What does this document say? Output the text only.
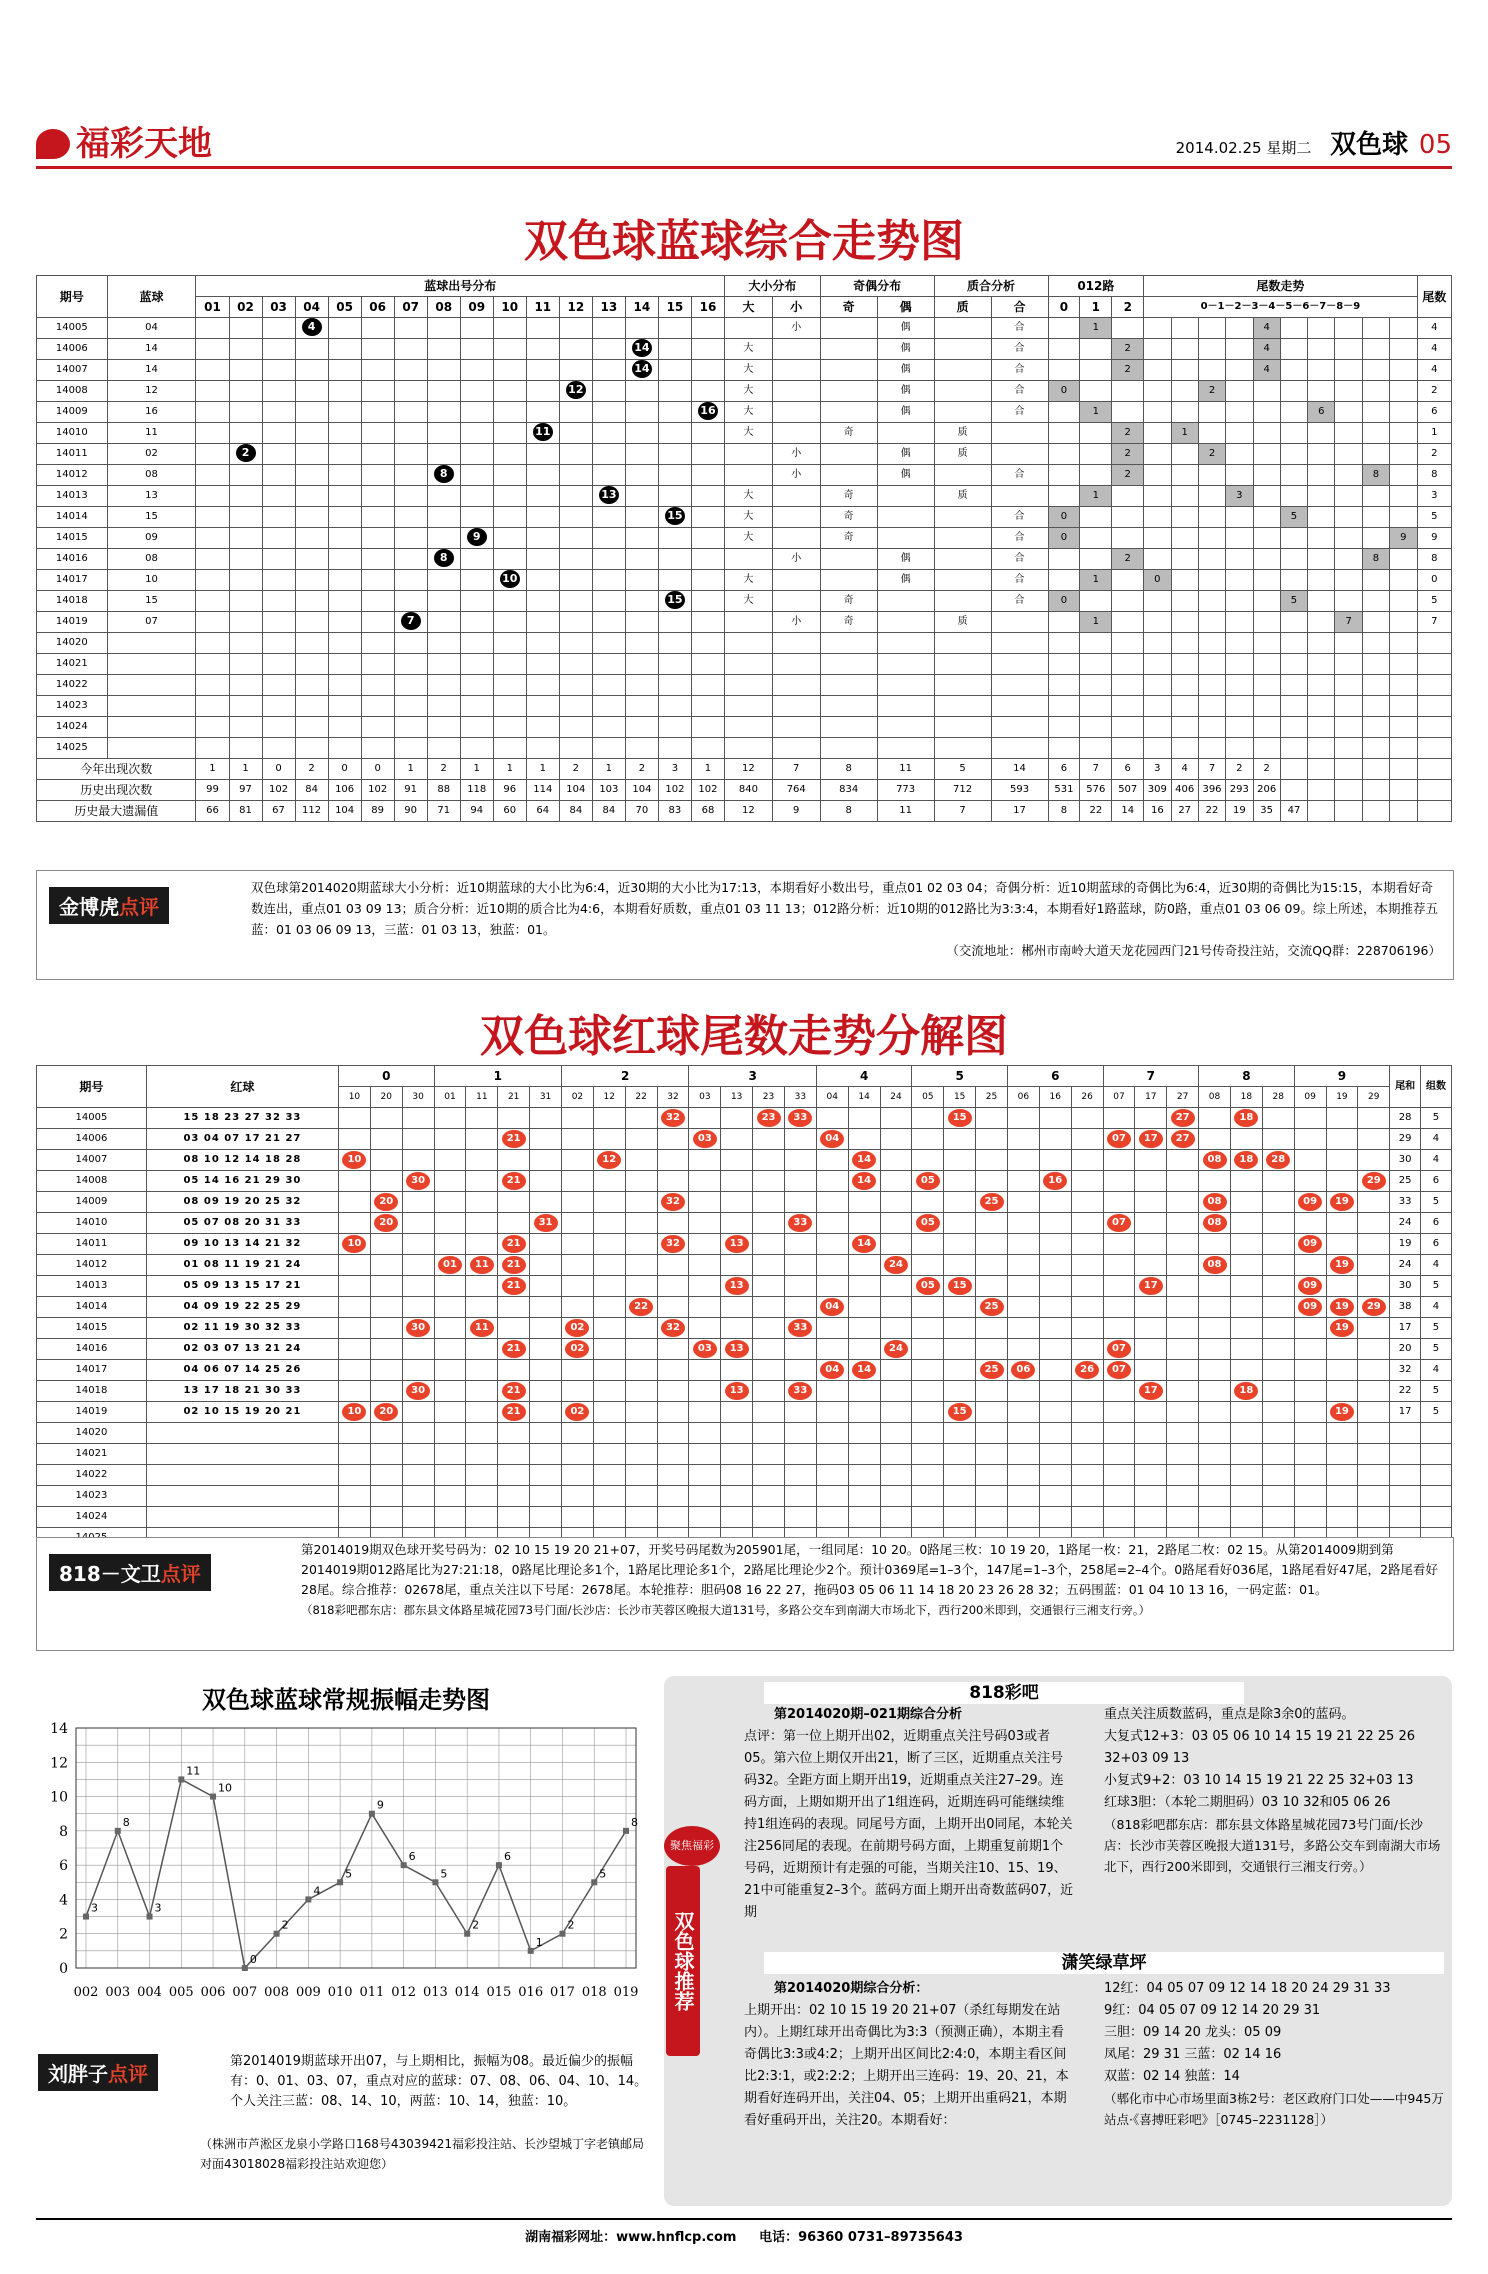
福彩天地	2014.02.25 星期二 双色球 05
双色球蓝球综合走势图
期号	蓝球	蓝球出号分布																大小分布		奇偶分布		质合分析		012路			尾数走势										尾数
		01	02	03	04	05	06	07	08	09	10	11	12	13	14	15	16	大	小	奇	偶	质	合	0	1	2	0－1－2－3－4－5－6－7－8－9										
14005	04				4														小		偶		合		1						4						4
14006	14														14			大			偶		合			2					4						4
14007	14														14			大			偶		合			2					4						4
14008	12												12					大			偶		合	0					2								2
14009	16																16	大			偶		合		1								6				6
14010	11											11						大		奇		质				2		1									1
14011	02		2																小		偶	质				2			2								2
14012	08								8										小		偶		合			2									8		8
14013	13													13				大		奇		质			1					3							3
14014	15															15		大		奇			合	0								5					5
14015	09									9								大		奇			合	0												9	9
14016	08								8										小		偶		合			2									8		8
14017	10										10							大			偶		合		1		0										0
14018	15															15		大		奇			合	0								5					5
14019	07							7											小	奇		质			1									7			7
14020																																					
14021																																					
14022																																					
14023																																					
14024																																					
14025																																					
今年出现次数		1	1	0	2	0	0	1	2	1	1	1	2	1	2	3	1	12	7	8	11	5	14	6	7	6	3	4	7	2	2						
历史出现次数		99	97	102	84	106	102	91	88	118	96	114	104	103	104	102	102	840	764	834	773	712	593	531	576	507	309	406	396	293	206						
历史最大遗漏值		66	81	67	112	104	89	90	71	94	60	64	84	84	70	83	68	12	9	8	11	7	17	8	22	14	16	27	22	19	35	47					
金博虎点评
双色球第2014020期蓝球大小分析：近10期蓝球的大小比为6:4，近30期的大小比为17:13，本期看好小数出号，重点01 02 03 04；奇偶分析：近10期蓝球的奇偶比为6:4，近30期的奇偶比为15:15，本期看好奇数连出，重点01 03 09 13；质合分析：近10期的质合比为4:6，本期看好质数，重点01 03 11 13；012路分析：近10期的012路比为3:3:4，本期看好1路蓝球，防0路，重点01 03 06 09。综上所述，本期推荐五蓝：01 03 06 09 13，三蓝：01 03 13，独蓝：01。
（交流地址：郴州市南岭大道天龙花园西门21号传奇投注站，交流QQ群：228706196）
双色球红球尾数走势分解图
期号	红球	0			1				2				3				4			5			6			7			8			9			尾和	组数
		10	20	30	01	11	21	31	02	12	22	32	03	13	23	33	04	14	24	05	15	25	06	16	26	07	17	27	08	18	28	09	19	29		
14005	15 18 23 27 32 33											32			23	33					15							27		18					28	5
14006	03 04 07 17 21 27						21						03				04									07	17	27							29	4
14007	08 10 12 14 18 28	10								12								14											08	18	28				30	4
14008	05 14 16 21 29 30			30			21											14		05				16										29	25	6
14009	08 09 19 20 25 32		20									32										25							08			09	19		33	5
14010	05 07 08 20 31 33		20					31								33				05						07			08						24	6
14011	09 10 13 14 21 32	10					21					32		13				14														09			19	6
14012	01 08 11 19 21 24				01	11	21												24										08				19		24	4
14013	05 09 13 15 17 21						21							13						05	15						17					09			30	5
14014	04 09 19 22 25 29										22						04					25										09	19	29	38	4
14015	02 11 19 30 32 33			30		11			02			32				33																	19		17	5
14016	02 03 07 13 21 24						21		02				03	13					24							07									20	5
14017	04 06 07 14 25 26																04	14				25	06		26	07									32	4
14018	13 17 18 21 30 33			30			21							13		33											17			18					22	5
14019	02 10 15 19 20 21	10	20				21		02												15												19		17	5
14020																																				
14021																																				
14022																																				
14023																																				
14024																																				

818－文卫点评
第2014019期双色球开奖号码为：02 10 15 19 20 21+07，开奖号码尾数为205901尾，一组同尾：10 20。0路尾三枚：10 19 20，1路尾一枚：21，2路尾二枚：02 15。从第2014009期到第2014019期012路尾比为27:21:18，0路尾比理论多1个，1路尾比理论多1个，2路尾比理论少2个。预计0369尾=1–3个，147尾=1–3个，258尾=2–4个。0路尾看好036尾，1路尾看好47尾，2路尾看好28尾。综合推荐：02678尾，重点关注以下号尾：2678尾。本轮推荐：胆码08 16 22 27，拖码03 05 06 11 14 18 20 23 26 28 32；五码围蓝：01 04 10 13 16，一码定蓝：01。
（818彩吧郡东店：郡东县文体路星城花园73号门面/长沙店：长沙市芙蓉区晚报大道131号，多路公交车到南湖大市场北下，西行200米即到，交通银行三湘支行旁。）
双色球蓝球常规振幅走势图
0
2
4
6
8
10
12
14
002 003 004 005 006 007 008 009 010 011 012 013 014 015 016 017 018 019
3
8
3
11
10
0
2
4
5
9
6
5
2
6
1
2
5
8
刘胖子点评
第2014019期蓝球开出07，与上期相比，振幅为08。最近偏少的振幅有：0、01、03、07，重点对应的蓝球：07、08、06、04、10、14。个人关注三蓝：08、14、10，两蓝：10、14，独蓝：10。
（株洲市芦淞区龙泉小学路口168号43039421福彩投注站、长沙望城丁字老镇邮局对面43018028福彩投注站欢迎您）
双色球推荐
聚焦福彩
818彩吧
第2014020期–021期综合分析
点评：第一位上期开出02，近期重点关注号码03或者05。第六位上期仅开出21，断了三区，近期重点关注号码32。全距方面上期开出19，近期重点关注27–29。连码方面，上期如期开出了1组连码，近期连码可能继续维持1组连码的表现。同尾号方面，上期开出0同尾，本轮关注256同尾的表现。在前期号码方面，上期重复前期1个号码，近期预计有走强的可能，当期关注10、15、19、21中可能重复2–3个。蓝码方面上期开出奇数蓝码07，近期
重点关注质数蓝码，重点是除3余0的蓝码。
大复式12+3：03 05 06 10 14 15 19 21 22 25 26 32+03 09 13
小复式9+2：03 10 14 15 19 21 22 25 32+03 13
红球3胆：（本轮二期胆码）03 10 32和05 06 26
（818彩吧郡东店：郡东县文体路星城花园73号门面/长沙店：长沙市芙蓉区晚报大道131号，多路公交车到南湖大市场北下，西行200米即到，交通银行三湘支行旁。）
潇笑绿草坪
第2014020期综合分析：
上期开出：02 10 15 19 20 21+07（杀红每期发在站内）。上期红球开出奇偶比为3:3（预测正确），本期主看奇偶比3:3或4:2；上期开出区间比2:4:0，本期主看区间比2:3:1，或2:2:2；上期开出三连码：19、20、21，本期看好连码开出，关注04、05；上期开出重码21，本期看好重码开出，关注20。本期看好：
12红：04 05 07 09 12 14 18 20 24 29 31 33
9红：04 05 07 09 12 14 20 29 31
三胆：09 14 20 龙头：05 09
凤尾：29 31 三蓝：02 14 16
双蓝：02 14 独蓝：14
（郫化市中心市场里面3栋2号：老区政府门口处——中945万站点·《喜搏旺彩吧》［0745–2231128］）
湖南福彩网址：www.hnflcp.com 电话：96360 0731–89735643
